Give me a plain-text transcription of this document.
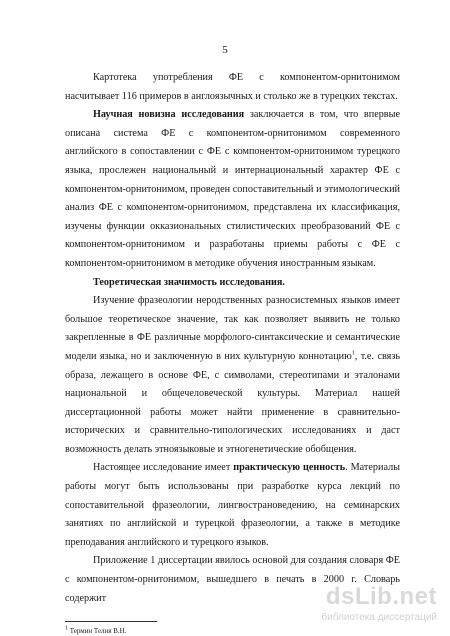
5

Картотека употребления ФЕ с компонентом-орнитонимом насчитывает 116 примеров в англоязычных и столько же в турецких текстах.

Научная новизна исследования заключается в том, что впервые описана система ФЕ с компонентом-орнитонимом современного английского в сопоставлении с ФЕ с компонентом-орнитонимом турецкого языка, прослежен национальный и интернациональный характер ФЕ с компонентом-орнитонимом, проведен сопоставительный и этимологический анализ ФЕ с компонентом-орнитонимом, представлена их классификация, изучены функции окказиональных стилистических преобразований ФЕ с компонентом-орнитонимом и разработаны приемы работы с ФЕ с компонентом-орнитонимом в методике обучения иностранным языкам.

Теоретическая значимость исследования.

Изучение фразеологии неродственных разносистемных языков имеет большое теоретическое значение, так как позволяет выявить не только закрепленные в ФЕ различные морфолого-синтаксические и семантические модели языка, но и заключенную в них культурную коннотацию$^1$, т.е. связь образа, лежащего в основе ФЕ, с символами, стереотипами и эталонами национальной и общечеловеческой культуры. Материал нашей диссертационной работы может найти применение в сравнительно-исторических и сравнительно-типологических исследованиях и даст возможность делать этноязыковые и этногенетические обобщения.

Настоящее исследование имеет практическую ценность. Материалы работы могут быть использованы при разработке курса лекций по сопоставительной фразеологии, лингвострановедению, на семинарских занятиях по английской и турецкой фразеологии, а также в методике преподавания английского и турецкого языков.

Приложение 1 диссертации явилось основой для создания словаря ФЕ с компонентом-орнитонимом, вышедшего в печать в 2000 г. Словарь содержит

$^1$ Термин Телия В.Н.
dsLib.net
библиотека диссертаций
